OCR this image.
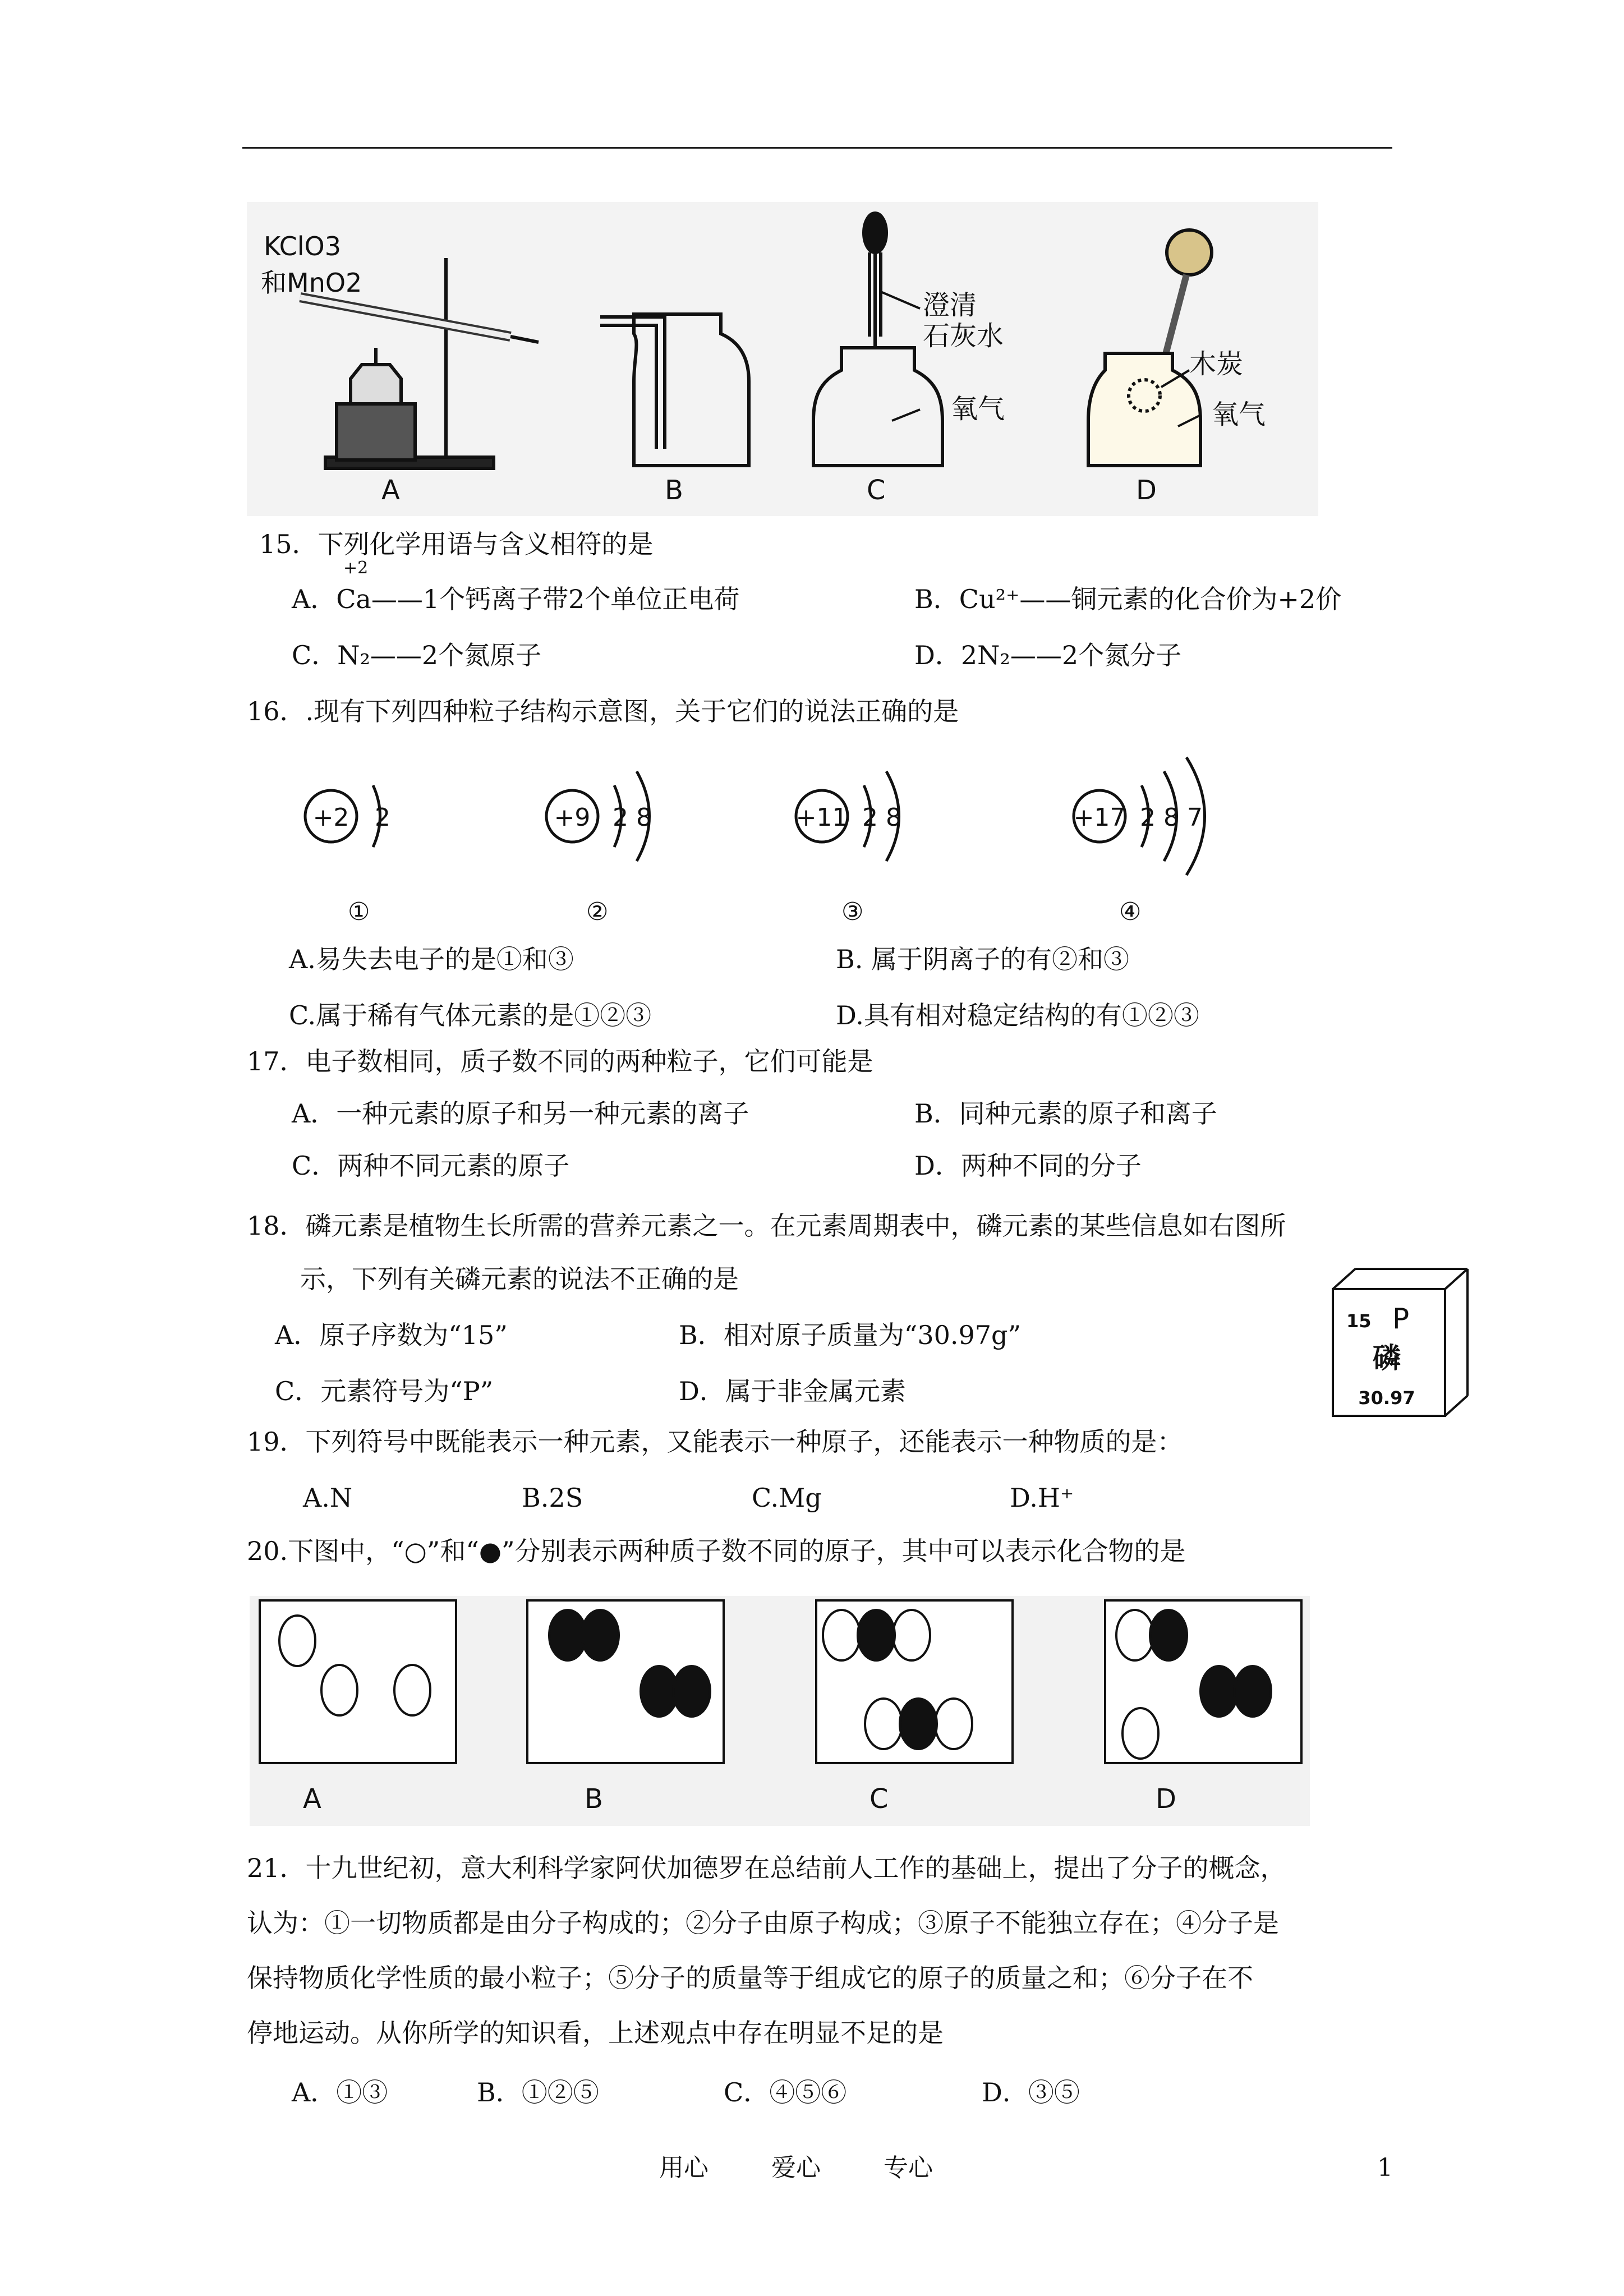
KClO3
和MnO2
A	B
澄清
石灰水
氧气
C
木炭
氧气
D
15．下列化学用语与含义相符的是
+2
A．Ca——1个钙离子带2个单位正电荷	B．Cu²⁺——铜元素的化合价为+2价
C．N₂——2个氮原子	D．2N₂——2个氮分子
16．.现有下列四种粒子结构示意图，关于它们的说法正确的是
+2 2	+9 2 8	+11 2 8	+17 2 8 7
①	②	③	④
A.易失去电子的是①和③	B. 属于阴离子的有②和③
C.属于稀有气体元素的是①②③	D.具有相对稳定结构的有①②③
17．电子数相同，质子数不同的两种粒子，它们可能是
A．一种元素的原子和另一种元素的离子	B．同种元素的原子和离子
C．两种不同元素的原子	D．两种不同的分子
18．磷元素是植物生长所需的营养元素之一。在元素周期表中，磷元素的某些信息如右图所
示，下列有关磷元素的说法不正确的是
A．原子序数为“15”	B．相对原子质量为“30.97g”
C．元素符号为“P”	D．属于非金属元素
15 P
磷
30.97
19．下列符号中既能表示一种元素，又能表示一种原子，还能表示一种物质的是：
A.N	B.2S	C.Mg	D.H⁺
20.下图中，“○”和“●”分别表示两种质子数不同的原子，其中可以表示化合物的是
A	B	C	D
21．十九世纪初，意大利科学家阿伏加德罗在总结前人工作的基础上，提出了分子的概念，
认为：①一切物质都是由分子构成的；②分子由原子构成；③原子不能独立存在；④分子是
保持物质化学性质的最小粒子；⑤分子的质量等于组成它的原子的质量之和；⑥分子在不
停地运动。从你所学的知识看，上述观点中存在明显不足的是
A．①③	B．①②⑤	C．④⑤⑥	D．③⑤
用心	爱心	专心	1
